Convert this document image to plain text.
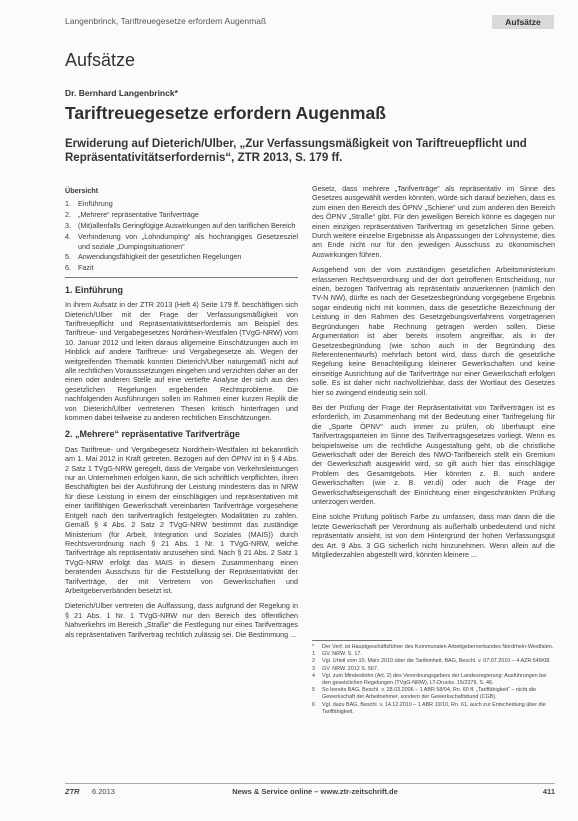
Langenbrinck, Tariftreuegesetze erfordern Augenmaß	Aufsätze
Aufsätze
Dr. Bernhard Langenbrinck*
Tariftreuegesetze erfordern Augenmaß
Erwiderung auf Dieterich/Ulber, „Zur Verfassungsmäßigkeit von Tariftreuepflicht und Repräsentativitätserfordernis“, ZTR 2013, S. 179 ff.
Übersicht
1. Einführung
2. „Mehrere“ repräsentative Tarifverträge
3. (Mit)allenfalls Geringfügige Auswirkungen auf den tariflichen Bereich
4. Verhinderung von „Lohndumping“ als hochrangiges Gesetzesziel und soziale „Dumpingsituationen“
5. Anwendungsfähigkeit der gesetzlichen Regelungen
6. Fazit
1. Einführung

In ihrem Aufsatz in der ZTR 2013 (Heft 4) Seite 179 ff. beschäftigen sich Dieterich/Ulber mit der Frage der Verfassungsmäßigkeit von Tariftreuepflicht und Repräsentativitätserfordernis am Beispiel des Tariftreue- und Vergabegesetzes Nordrhein-Westfalen (TVgG-NRW) vom 10. Januar 2012 und leiten daraus allgemeine Einschätzungen auch im Hinblick auf andere Tariftreue- und Vergabegesetze ab. Wegen der weitgreifenden Thematik konnten Dieterich/Ulber naturgemäß nicht auf alle rechtlichen Vorausssetzungen eingehen und verzichten daher an der einen oder anderen Stelle auf eine vertiefte Analyse der sich aus den gesetzlichen Regelungen ergebenden Rechtsprobleme. Die nachfolgenden Ausführungen sollen im Rahmen einer kurzen Replik die von Dieterich/Ulber vertretenen Thesen kritisch hinterfragen und kommen dabei teilweise zu anderen rechtlichen Einschätzungen.

2. „Mehrere“ repräsentative Tarifverträge

Das Tariftreue- und Vergabegesetz Nordrhein-Westfalen ist bekanntlich am 1. Mai 2012 in Kraft getreten. Bezogen auf den ÖPNV ist in § 4 Abs. 2 Satz 1 TVgG-NRW geregelt, dass die Vergabe von Verkehrsleistungen nur an Unternehmen erfolgen kann, die sich schriftlich verpflichten, ihren Beschäftigten bei der Ausführung der Leistung mindestens das in NRW für diese Leistung in einem der einschlägigen und repräsentativen mit einer tariffähigen Gewerkschaft vereinbarten Tarifverträge vorgesehene Entgelt nach den tarifvertraglich festgelegten Modalitäten zu zahlen. Gemäß § 4 Abs. 2 Satz 2 TVgG-NRW bestimmt das zuständige Ministerium (für Arbeit, Integration und Soziales (MAIS)) durch Rechtsverordnung nach § 21 Abs. 1 Nr. 1 TVgG-NRW, welche Tarifverträge als repräsentativ anzusehen sind. Nach § 21 Abs. 2 Satz 1 TVgG-NRW erfolgt das MAIS in diesem Zusammenhang einen beratenden Ausschuss für die Feststellung der Repräsentativität der Tarifverträge, der mit Vertretern von Gewerkschaften und Arbeitgeberverbänden besetzt ist.

Dieterich/Ulber vertreten die Auffassung, dass aufgrund der Regelung in § 21 Abs. 1 Nr. 1 TVgG-NRW nur den Bereich des öffentlichen Nahverkehrs im Bereich „Straße“ die Festlegung nur eines Tarifvertrages als repräsentativen Tarifvertrag rechtlich zulässig sei. Die Bestimmung ...

Gesetz, dass mehrere „Tarifverträge“ als repräsentativ im Sinne des Gesetzes ausgewählt werden könnten, würde sich darauf beziehen, dass es zum einen den Bereich des ÖPNV „Schiene“ und zum anderen den Bereich des ÖPNV „Straße“ gibt. Für den jeweiligen Bereich könne es dagegen nur einen einzigen repräsentativen Tarifvertrag im gesetzlichen Sinne geben. Durch weitere einzelne Ergebnisse als Anpassungen der Lohnsysteme, dies am Ende nicht nur für den jeweiligen Ausschuss zu ökonomischen Auswirkungen führen.

Ausgehend von der vom zuständigen gesetzlichen Arbeitsministerium erlassenen Rechtsverordnung und der dort getroffenen Entscheidung, nur einen, bezogen Tarifvertrag als repräsentativ anzuerkennen (nämlich den TV-N NW), dürfte es nach der Gesetzesbegründung vorgegebene Ergebnis sogar eindeutig nicht mit kommen, dass die gesetzliche Bezeichnung der Leistung in den Rahmen des Gesetzgebungsverfahrens vorgetragenen Begründungen habe Rechnung getragen werden sollen. Diese Argumentation ist aber bereits insofern angreifbar, als in der Gesetzesbegründung (wie schon auch in der Begründung des Referentenentwurfs) mehrfach betont wird, dass durch die gesetzliche Regelung keine Benachteiligung kleinerer Gewerkschaften und keine einseitige Ausrichtung auf die Tarifverträge nur einer Gewerkschaft erfolgen solle. Es ist daher nicht nachvollziehbar, dass der Wortlaut des Gesetzes hier so zwingend eindeutig sein soll.

Bei der Prüfung der Frage der Repräsentativität von Tarifverträgen ist es erforderlich, im Zusammenhang mit der Bedeutung einer Tarifregelung für die „Sparte ÖPNV“ auch immer zu prüfen, ob überhaupt eine Tarifvertragsparteien im Sinne des Tarifvertragsgesetzes vorliegt. Wenn es beispielsweise um die rechtliche Ausgestaltung geht, ob die christliche Gewerkschaft oder der Bereich des NWO-Tarifbereich stellt ein Gremium der Gewerkschaft ausgewirkt wird, so gilt auch hier das einschlägige Problem des Gesamtgebots. Hier könnten z. B. auch andere Gewerkschaften (wie z. B. ver.di) oder auch die Frage der Gewerkschaftseigenschaft der Einrichtung einer eingeschränkten Prüfung unterzogen werden.

Eine solche Prüfung politisch Farbe zu umfassen, dass man dann die die letzte Gewerkschaft per Verordnung als außerhalb unbedeutend und nicht repräsentativ ansieht, ist von dem Hintergrund der hohen Verfassungsgut des Art. 9 Abs. 3 GG sicherlich nicht hinzunehmen. Wenn allein auf die Mitgliederzahlen abgestellt wird, könnten kleinere ...

*	Der Verf. ist Hauptgeschäftsführer des Kommunalen Arbeitgeberverbandes Nordrhein-Westfalen.
1	GV. NRW. S. 17.
2	Vgl. Urteil vom 10. März 2010 über die Tarifeinheit, BAG, Beschl. v. 07.07.2010 – 4 AZR 549/08.
3	GV. NRW. 2012 S. 567.
4	Vgl. zum Mindestlohn (Art. 2) des Verordnungsgebers der Landesregierung: Ausführungen bei den gesetzlichen Regelungen (TVgG-NRW), LT-Drucks. 15/2379, S. 46.
5	So bereits BAG, Beschl. v. 28.03.2006 – 1 ABR 58/04, Rn. 60 ff. „Tariffähigkeit“ – nicht die Gewerkschaft der Arbeitnehmer, sondern der Gewerkschaftsbund (CGB).
6	Vgl. dazu BAG, Beschl. v. 14.12.2010 – 1 ABR 19/10, Rn. 61, auch zur Entscheidung über die Tariffähigkeit.
ZTR 6.2013	News & Service online – www.ztr-zeitschrift.de	411
